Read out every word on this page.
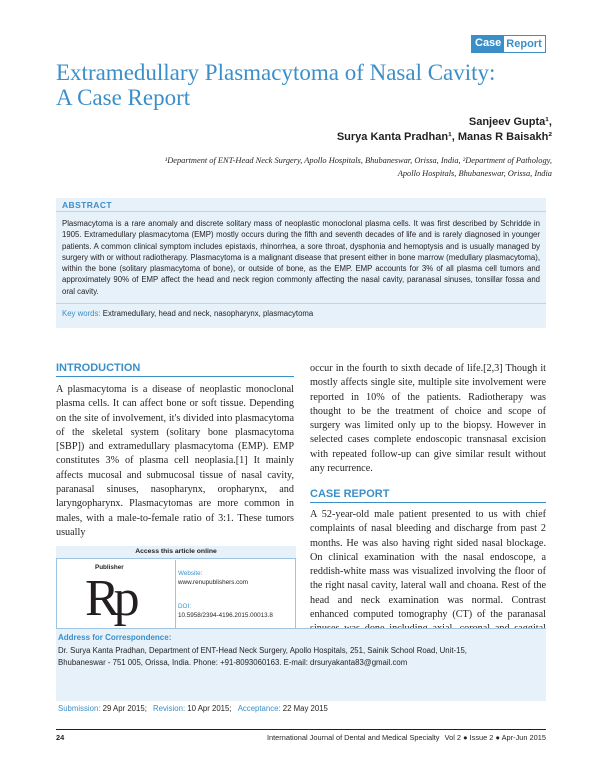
Case Report
Extramedullary Plasmacytoma of Nasal Cavity:
A Case Report
Sanjeev Gupta¹,
Surya Kanta Pradhan¹, Manas R Baisakh²
¹Department of ENT-Head Neck Surgery, Apollo Hospitals, Bhubaneswar, Orissa, India, ²Department of Pathology,
Apollo Hospitals, Bhubaneswar, Orissa, India
ABSTRACT
Plasmacytoma is a rare anomaly and discrete solitary mass of neoplastic monoclonal plasma cells. It was first described by Schridde in 1905. Extramedullary plasmacytoma (EMP) mostly occurs during the fifth and seventh decades of life and is rarely diagnosed in younger patients. A common clinical symptom includes epistaxis, rhinorrhea, a sore throat, dysphonia and hemoptysis and is usually managed by surgery with or without radiotherapy. Plasmacytoma is a malignant disease that present either in bone marrow (medullary plasmacytoma), within the bone (solitary plasmacytoma of bone), or outside of bone, as the EMP. EMP accounts for 3% of all plasma cell tumors and approximately 90% of EMP affect the head and neck region commonly affecting the nasal cavity, paranasal sinuses, tonsillar fossa and oral cavity.
Key words: Extramedullary, head and neck, nasopharynx, plasmacytoma
INTRODUCTION
A plasmacytoma is a disease of neoplastic monoclonal plasma cells. It can affect bone or soft tissue. Depending on the site of involvement, it's divided into plasmacytoma of the skeletal system (solitary bone plasmacytoma [SBP]) and extramedullary plasmacytoma (EMP). EMP constitutes 3% of plasma cell neoplasia.[1] It mainly affects mucosal and submucosal tissue of nasal cavity, paranasal sinuses, nasopharynx, oropharynx, and laryngopharynx. Plasmacytomas are more common in males, with a male-to-female ratio of 3:1. These tumors usually
occur in the fourth to sixth decade of life.[2,3] Though it mostly affects single site, multiple site involvement were reported in 10% of the patients. Radiotherapy was thought to be the treatment of choice and scope of surgery was limited only up to the biopsy. However in selected cases complete endoscopic transnasal excision with repeated follow-up can give similar result without any recurrence.
CASE REPORT
A 52-year-old male patient presented to us with chief complaints of nasal bleeding and discharge from past 2 months. He was also having right sided nasal blockage. On clinical examination with the nasal endoscope, a reddish-white mass was visualized involving the floor of the right nasal cavity, lateral wall and choana. Rest of the head and neck examination was normal. Contrast enhanced computed tomography (CT) of the paranasal
Access this article online
Publisher
Rp	Website:
www.renupublishers.com
DOI:
10.5958/2394-4196.2015.00013.8
Address for Correspondence:
Dr. Surya Kanta Pradhan, Department of ENT-Head Neck Surgery, Apollo Hospitals, 251, Sainik School Road, Unit-15,
Bhubaneswar - 751 005, Orissa, India. Phone: +91-8093060163. E-mail: drsuryakanta83@gmail.com
Submission: 29 Apr 2015; Revision: 10 Apr 2015; Acceptance: 22 May 2015
24	International Journal of Dental and Medical Specialty Vol 2 ● Issue 2 ● Apr-Jun 2015
